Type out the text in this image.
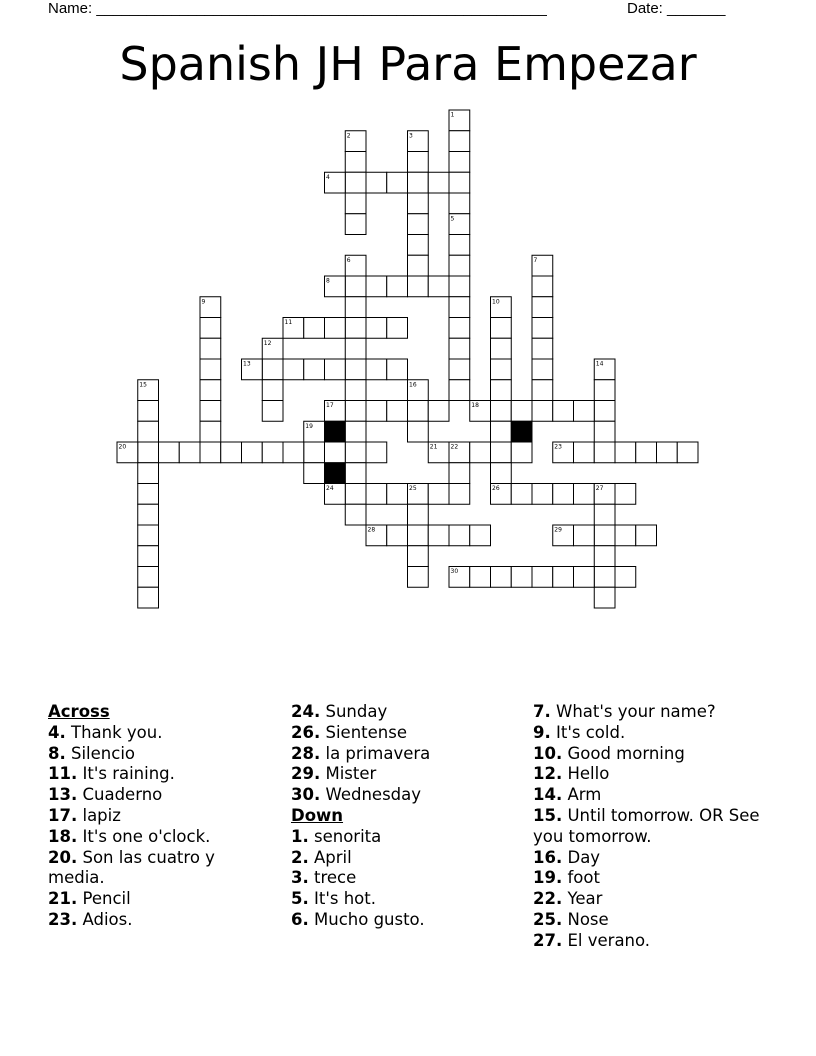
Name: ______________________________________________________	Date: _______
Spanish JH Para Empezar
1
2	3
4
5
6	7
8
9	10
11
12
13	14
15	16
17	18
19
20	21 22	23
24	25	26	27
28	29
30
Across
4. Thank you.
8. Silencio
11. It's raining.
13. Cuaderno
17. lapiz
18. It's one o'clock.
20. Son las cuatro y media.
21. Pencil
23. Adios.
24. Sunday
26. Sientense
28. la primavera
29. Mister
30. Wednesday
Down
1. senorita
2. April
3. trece
5. It's hot.
6. Mucho gusto.
7. What's your name?
9. It's cold.
10. Good morning
12. Hello
14. Arm
15. Until tomorrow. OR See you tomorrow.
16. Day
19. foot
22. Year
25. Nose
27. El verano.
